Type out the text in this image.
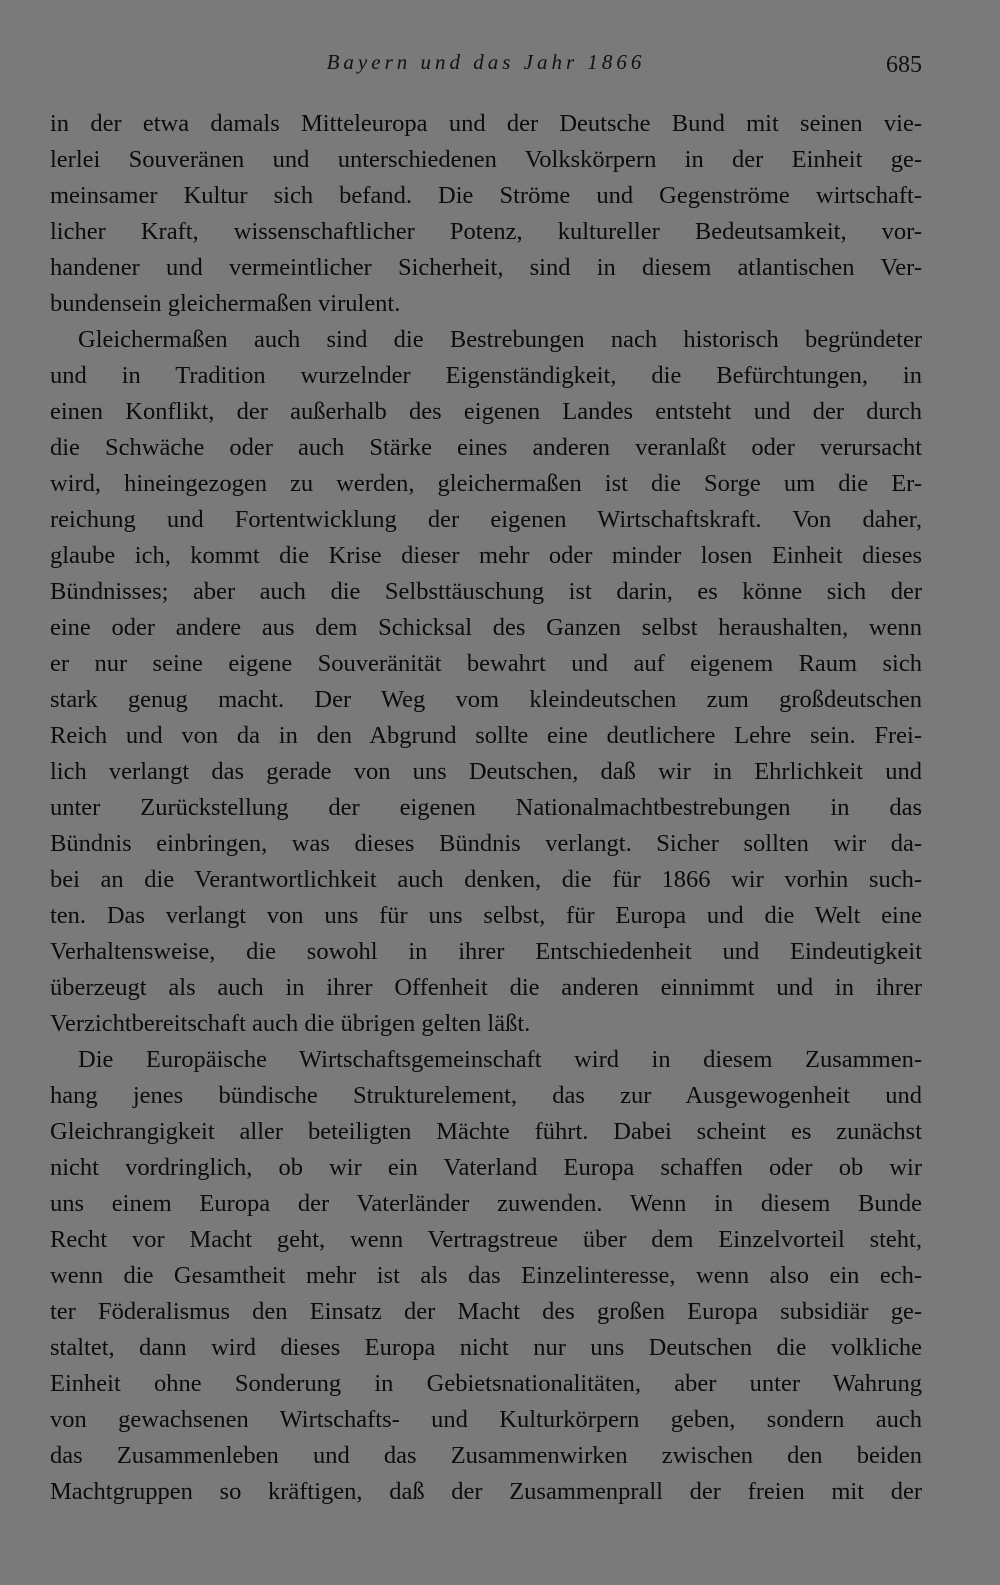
Bayern und das Jahr 1866	685
in der etwa damals Mitteleuropa und der Deutsche Bund mit seinen vie-
lerlei Souveränen und unterschiedenen Volkskörpern in der Einheit ge-
meinsamer Kultur sich befand. Die Ströme und Gegenströme wirtschaft-
licher Kraft, wissenschaftlicher Potenz, kultureller Bedeutsamkeit, vor-
handener und vermeintlicher Sicherheit, sind in diesem atlantischen Ver-
bundensein gleichermaßen virulent.
Gleichermaßen auch sind die Bestrebungen nach historisch begründeter
und in Tradition wurzelnder Eigenständigkeit, die Befürchtungen, in
einen Konflikt, der außerhalb des eigenen Landes entsteht und der durch
die Schwäche oder auch Stärke eines anderen veranlaßt oder verursacht
wird, hineingezogen zu werden, gleichermaßen ist die Sorge um die Er-
reichung und Fortentwicklung der eigenen Wirtschaftskraft. Von daher,
glaube ich, kommt die Krise dieser mehr oder minder losen Einheit dieses
Bündnisses; aber auch die Selbsttäuschung ist darin, es könne sich der
eine oder andere aus dem Schicksal des Ganzen selbst heraushalten, wenn
er nur seine eigene Souveränität bewahrt und auf eigenem Raum sich
stark genug macht. Der Weg vom kleindeutschen zum großdeutschen
Reich und von da in den Abgrund sollte eine deutlichere Lehre sein. Frei-
lich verlangt das gerade von uns Deutschen, daß wir in Ehrlichkeit und
unter Zurückstellung der eigenen Nationalmachtbestrebungen in das
Bündnis einbringen, was dieses Bündnis verlangt. Sicher sollten wir da-
bei an die Verantwortlichkeit auch denken, die für 1866 wir vorhin such-
ten. Das verlangt von uns für uns selbst, für Europa und die Welt eine
Verhaltensweise, die sowohl in ihrer Entschiedenheit und Eindeutigkeit
überzeugt als auch in ihrer Offenheit die anderen einnimmt und in ihrer
Verzichtbereitschaft auch die übrigen gelten läßt.
Die Europäische Wirtschaftsgemeinschaft wird in diesem Zusammen-
hang jenes bündische Strukturelement, das zur Ausgewogenheit und
Gleichrangigkeit aller beteiligten Mächte führt. Dabei scheint es zunächst
nicht vordringlich, ob wir ein Vaterland Europa schaffen oder ob wir
uns einem Europa der Vaterländer zuwenden. Wenn in diesem Bunde
Recht vor Macht geht, wenn Vertragstreue über dem Einzelvorteil steht,
wenn die Gesamtheit mehr ist als das Einzelinteresse, wenn also ein ech-
ter Föderalismus den Einsatz der Macht des großen Europa subsidiär ge-
staltet, dann wird dieses Europa nicht nur uns Deutschen die volkliche
Einheit ohne Sonderung in Gebietsnationalitäten, aber unter Wahrung
von gewachsenen Wirtschafts- und Kulturkörpern geben, sondern auch
das Zusammenleben und das Zusammenwirken zwischen den beiden
Machtgruppen so kräftigen, daß der Zusammenprall der freien mit der
